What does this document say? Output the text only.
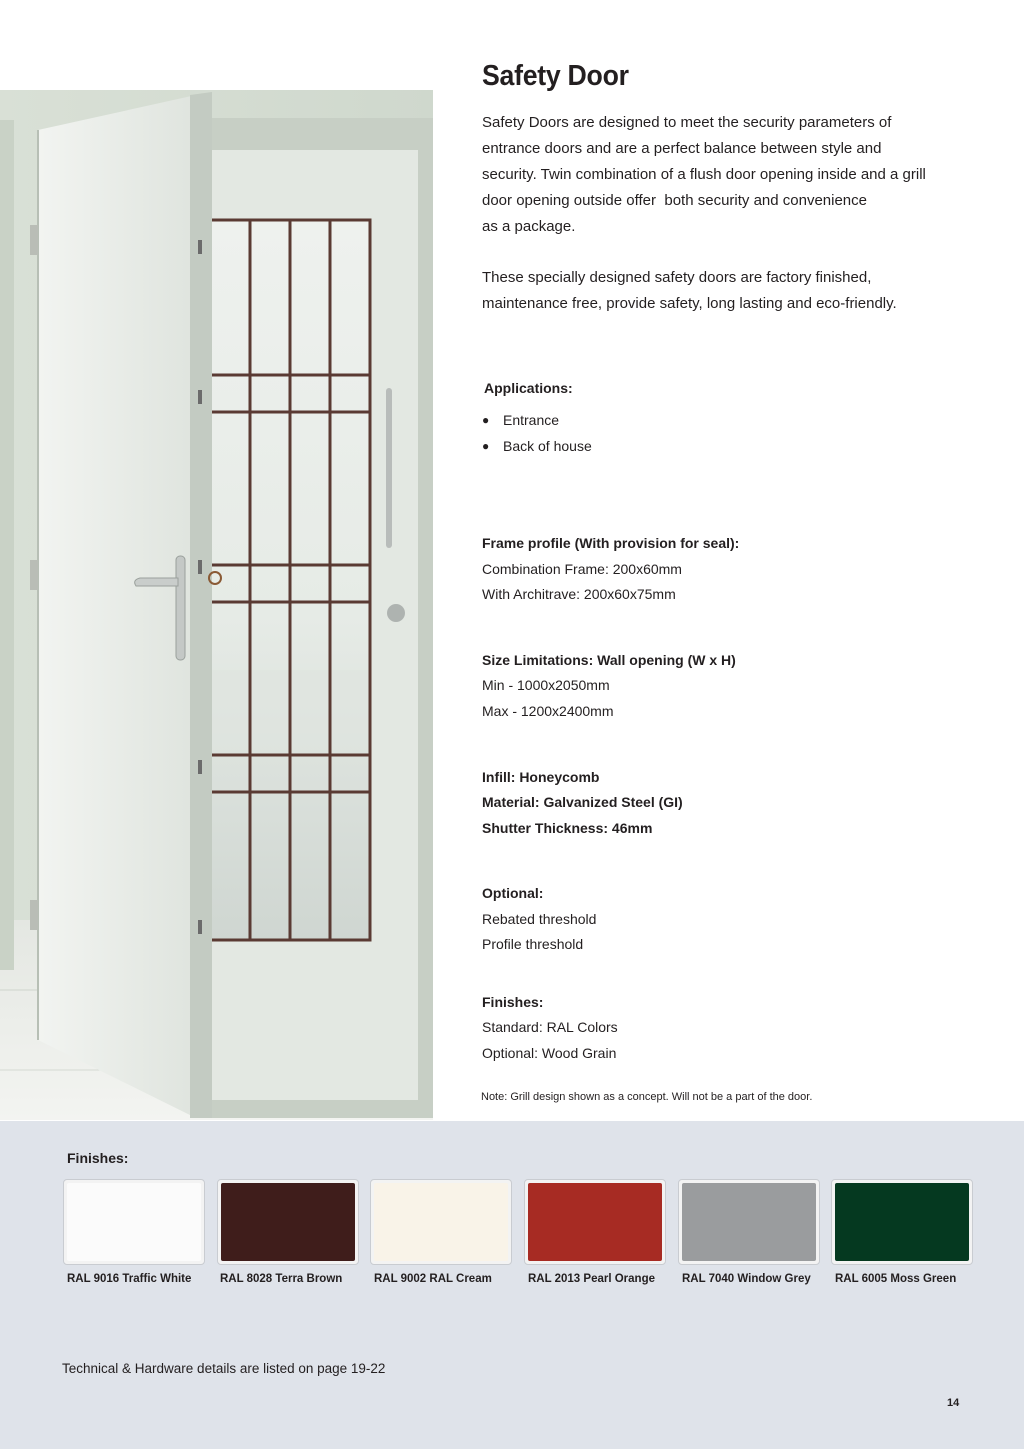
Safety Door

Safety Doors are designed to meet the security parameters of
entrance doors and are a perfect balance between style and
security. Twin combination of a flush door opening inside and a grill
door opening outside offer  both security and convenience
as a package.

These specially designed safety doors are factory finished,
maintenance free, provide safety, long lasting and eco-friendly.

Applications:

● Entrance
● Back of house

Frame profile (With provision for seal):

Combination Frame: 200x60mm

With Architrave: 200x60x75mm

Size Limitations: Wall opening (W x H)

Min - 1000x2050mm

Max - 1200x2400mm

Infill: Honeycomb

Material: Galvanized Steel (GI)

Shutter Thickness: 46mm

Optional:

Rebated threshold

Profile threshold

Finishes:

Standard: RAL Colors

Optional: Wood Grain

Note: Grill design shown as a concept. Will not be a part of the door.
Finishes:
RAL 9016 Traffic White RAL 8028 Terra Brown	RAL 9002 RAL Cream	RAL 2013 Pearl Orange RAL 7040 Window Grey RAL 6005 Moss Green
Technical & Hardware details are listed on page 19-22
14
